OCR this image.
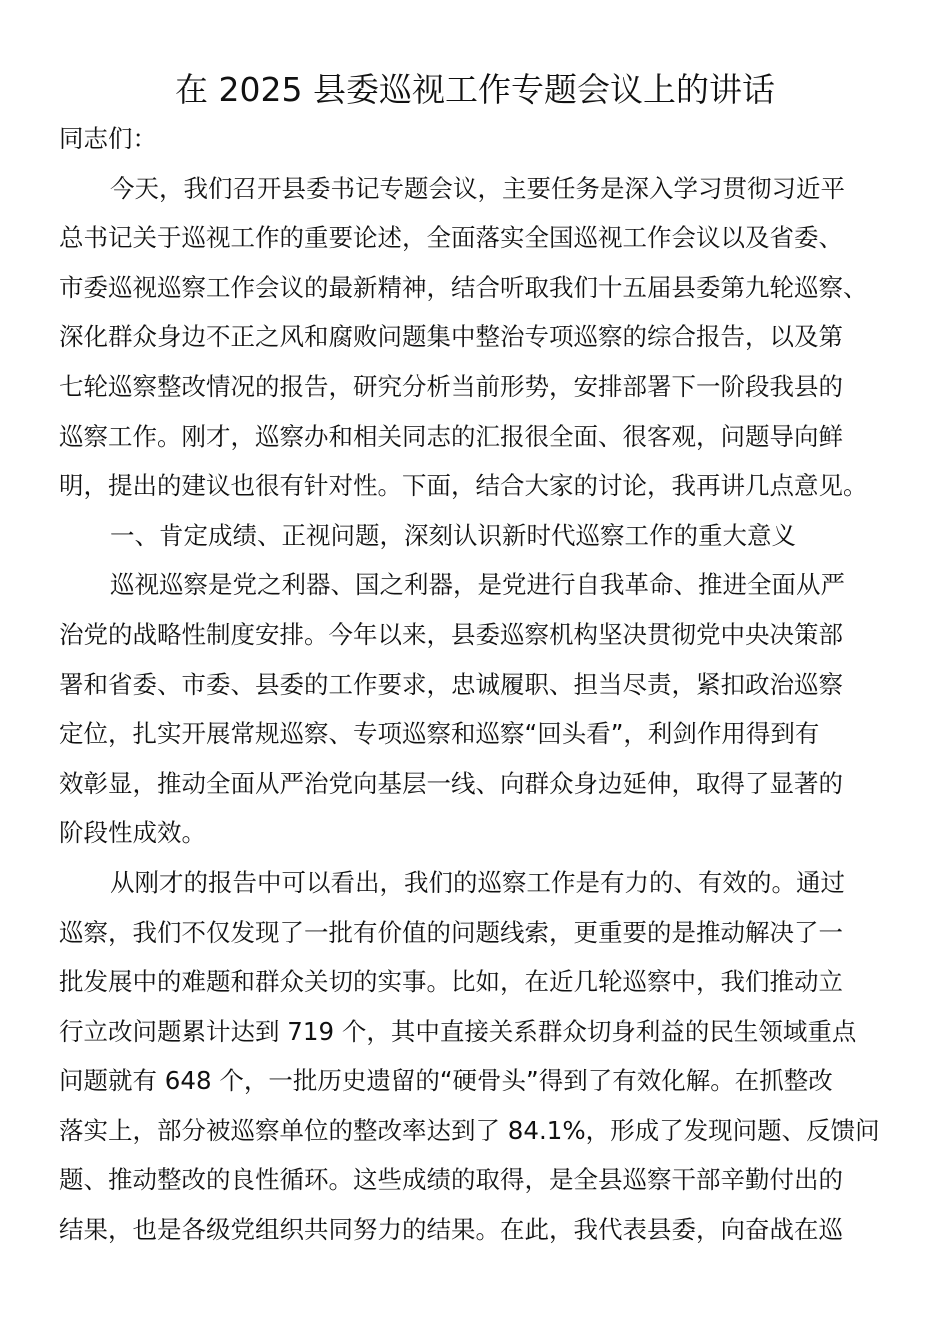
在 2025 县委巡视工作专题会议上的讲话
同志们：
今天，我们召开县委书记专题会议，主要任务是深入学习贯彻习近平
总书记关于巡视工作的重要论述，全面落实全国巡视工作会议以及省委、
市委巡视巡察工作会议的最新精神，结合听取我们十五届县委第九轮巡察、
深化群众身边不正之风和腐败问题集中整治专项巡察的综合报告，以及第
七轮巡察整改情况的报告，研究分析当前形势，安排部署下一阶段我县的
巡察工作。刚才，巡察办和相关同志的汇报很全面、很客观，问题导向鲜
明，提出的建议也很有针对性。下面，结合大家的讨论，我再讲几点意见。
一、肯定成绩、正视问题，深刻认识新时代巡察工作的重大意义
巡视巡察是党之利器、国之利器，是党进行自我革命、推进全面从严
治党的战略性制度安排。今年以来，县委巡察机构坚决贯彻党中央决策部
署和省委、市委、县委的工作要求，忠诚履职、担当尽责，紧扣政治巡察
定位，扎实开展常规巡察、专项巡察和巡察“回头看”，利剑作用得到有
效彰显，推动全面从严治党向基层一线、向群众身边延伸，取得了显著的
阶段性成效。
从刚才的报告中可以看出，我们的巡察工作是有力的、有效的。通过
巡察，我们不仅发现了一批有价值的问题线索，更重要的是推动解决了一
批发展中的难题和群众关切的实事。比如，在近几轮巡察中，我们推动立
行立改问题累计达到 719 个，其中直接关系群众切身利益的民生领域重点
问题就有 648 个，一批历史遗留的“硬骨头”得到了有效化解。在抓整改
落实上，部分被巡察单位的整改率达到了 84.1%，形成了发现问题、反馈问
题、推动整改的良性循环。这些成绩的取得，是全县巡察干部辛勤付出的
结果，也是各级党组织共同努力的结果。在此，我代表县委，向奋战在巡
